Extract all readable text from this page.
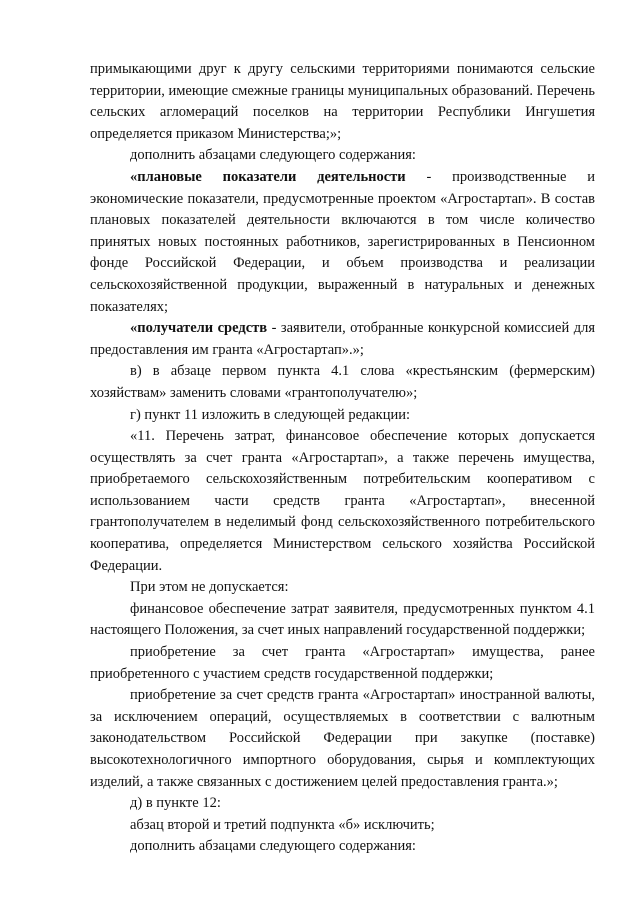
примыкающими друг к другу сельскими территориями понимаются сельские территории, имеющие смежные границы муниципальных образований. Перечень сельских агломераций поселков на территории Республики Ингушетия определяется приказом Министерства;»;

дополнить абзацами следующего содержания:

«плановые показатели деятельности - производственные и экономические показатели, предусмотренные проектом «Агростартап». В состав плановых показателей деятельности включаются в том числе количество принятых новых постоянных работников, зарегистрированных в Пенсионном фонде Российской Федерации, и объем производства и реализации сельскохозяйственной продукции, выраженный в натуральных и денежных показателях;

«получатели средств - заявители, отобранные конкурсной комиссией для предоставления им гранта «Агростартап».»;

в) в абзаце первом пункта 4.1 слова «крестьянским (фермерским) хозяйствам» заменить словами «грантополучателю»;

г) пункт 11 изложить в следующей редакции:

«11. Перечень затрат, финансовое обеспечение которых допускается осуществлять за счет гранта «Агростартап», а также перечень имущества, приобретаемого сельскохозяйственным потребительским кооперативом с использованием части средств гранта «Агростартап», внесенной грантополучателем в неделимый фонд сельскохозяйственного потребительского кооператива, определяется Министерством сельского хозяйства Российской Федерации.

При этом не допускается:

финансовое обеспечение затрат заявителя, предусмотренных пунктом 4.1 настоящего Положения, за счет иных направлений государственной поддержки;

приобретение за счет гранта «Агростартап» имущества, ранее приобретенного с участием средств государственной поддержки;

приобретение за счет средств гранта «Агростартап» иностранной валюты, за исключением операций, осуществляемых в соответствии с валютным законодательством Российской Федерации при закупке (поставке) высокотехнологичного импортного оборудования, сырья и комплектующих изделий, а также связанных с достижением целей предоставления гранта.»;

д) в пункте 12:

абзац второй и третий подпункта «б» исключить;

дополнить абзацами следующего содержания:
